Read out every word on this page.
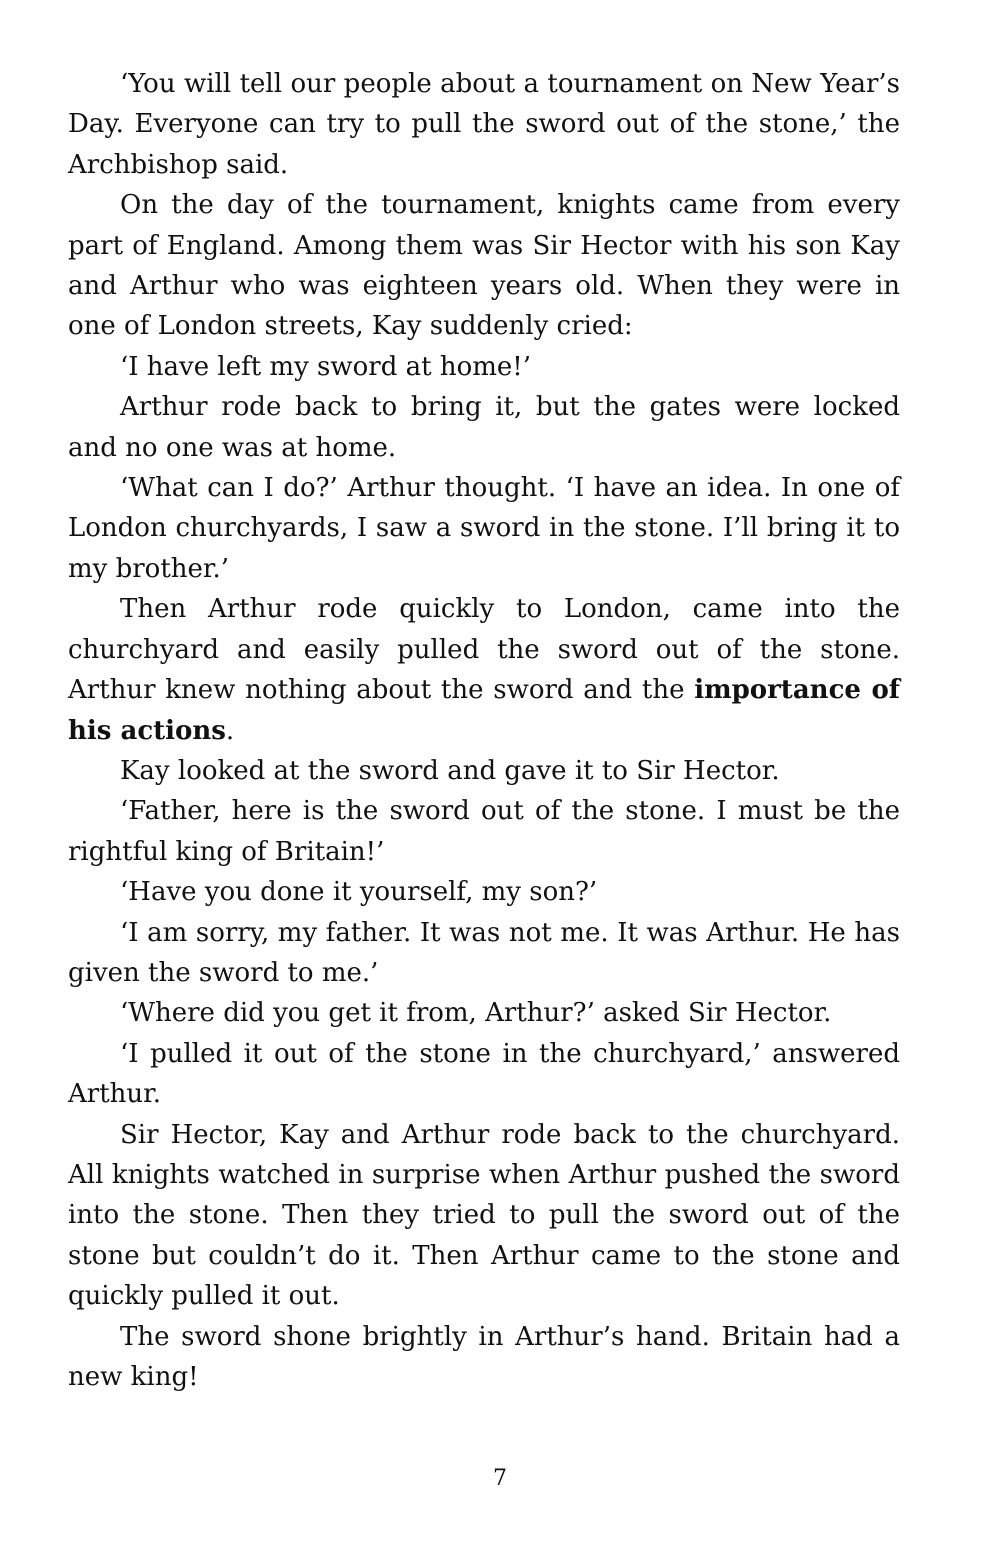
‘You will tell our people about a tournament on New Year’s Day. Everyone can try to pull the sword out of the stone,’ the Archbishop said.

On the day of the tournament, knights came from every part of England. Among them was Sir Hector with his son Kay and Arthur who was eighteen years old. When they were in one of London streets, Kay suddenly cried:

‘I have left my sword at home!’

Arthur rode back to bring it, but the gates were locked and no one was at home.

‘What can I do?’ Arthur thought. ‘I have an idea. In one of London churchyards, I saw a sword in the stone. I’ll bring it to my brother.’

Then Arthur rode quickly to London, came into the churchyard and easily pulled the sword out of the stone. Arthur knew nothing about the sword and the importance of his actions.

Kay looked at the sword and gave it to Sir Hector.

‘Father, here is the sword out of the stone. I must be the rightful king of Britain!’

‘Have you done it yourself, my son?’

‘I am sorry, my father. It was not me. It was Arthur. He has given the sword to me.’

‘Where did you get it from, Arthur?’ asked Sir Hector.

‘I pulled it out of the stone in the churchyard,’ answered Arthur.

Sir Hector, Kay and Arthur rode back to the churchyard. All knights watched in surprise when Arthur pushed the sword into the stone. Then they tried to pull the sword out of the stone but couldn’t do it. Then Arthur came to the stone and quickly pulled it out.

The sword shone brightly in Arthur’s hand. Britain had a new king!

7
